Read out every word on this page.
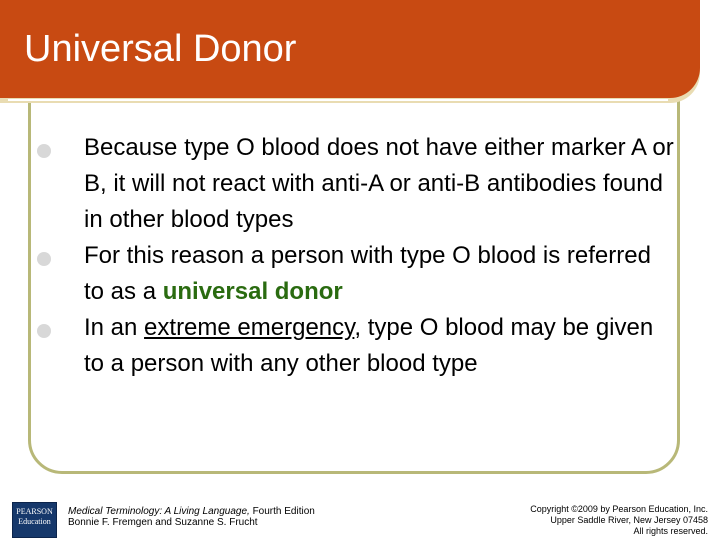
Universal Donor
Because type O blood does not have either marker A or B, it will not react with anti-A or anti-B antibodies found in other blood types
For this reason a person with type O blood is referred to as a universal donor
In an extreme emergency, type O blood may be given to a person with any other blood type
PEARSON
Education
Medical Terminology: A Living Language, Fourth Edition
Bonnie F. Fremgen and Suzanne S. Frucht
Copyright ©2009 by Pearson Education, Inc.
Upper Saddle River, New Jersey 07458
All rights reserved.
